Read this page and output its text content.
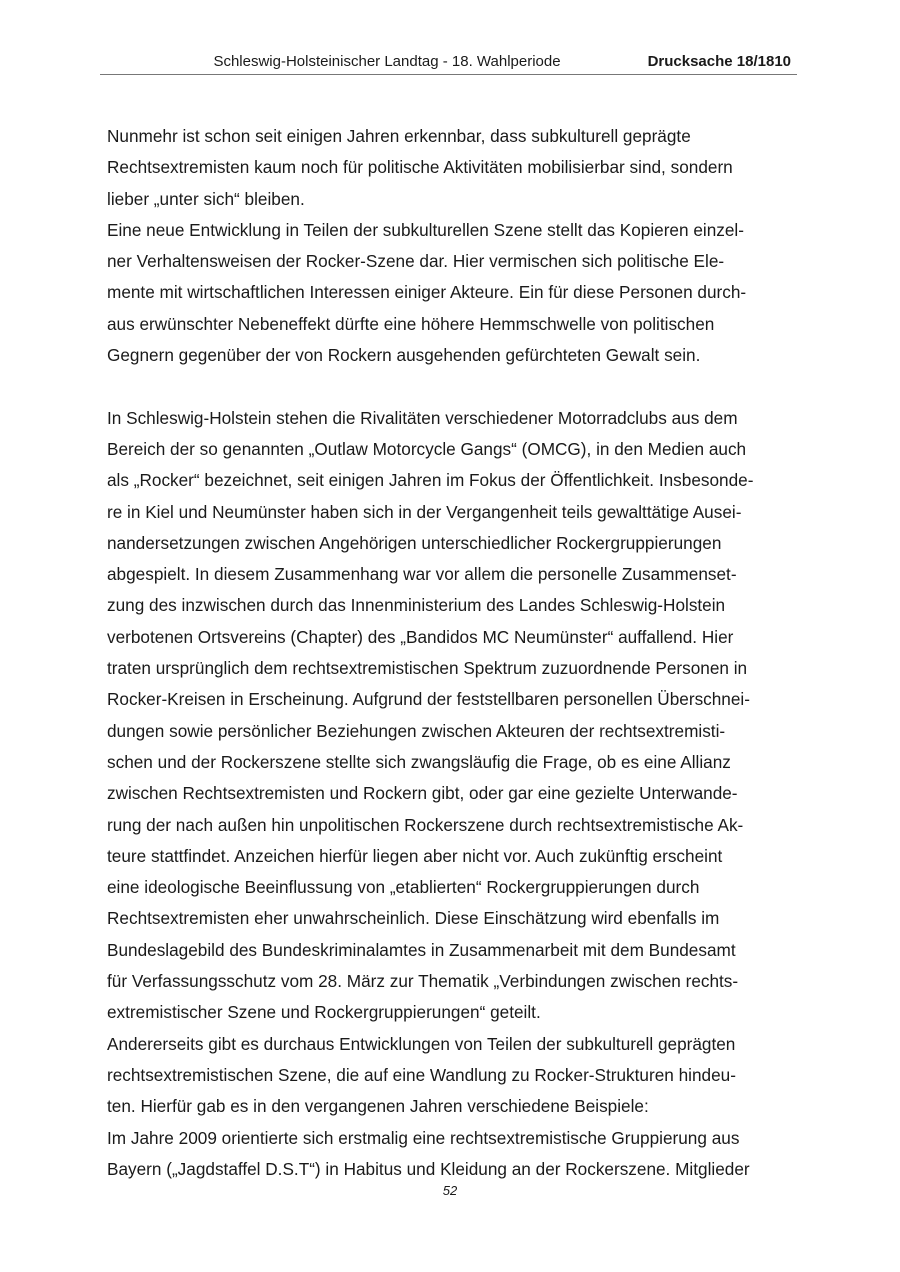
Schleswig-Holsteinischer Landtag - 18. Wahlperiode	Drucksache 18/1810
Nunmehr ist schon seit einigen Jahren erkennbar, dass subkulturell geprägte
Rechtsextremisten kaum noch für politische Aktivitäten mobilisierbar sind, sondern
lieber „unter sich“ bleiben.
Eine neue Entwicklung in Teilen der subkulturellen Szene stellt das Kopieren einzel-
ner Verhaltensweisen der Rocker-Szene dar. Hier vermischen sich politische Ele-
mente mit wirtschaftlichen Interessen einiger Akteure. Ein für diese Personen durch-
aus erwünschter Nebeneffekt dürfte eine höhere Hemmschwelle von politischen
Gegnern gegenüber der von Rockern ausgehenden gefürchteten Gewalt sein.
In Schleswig-Holstein stehen die Rivalitäten verschiedener Motorradclubs aus dem
Bereich der so genannten „Outlaw Motorcycle Gangs“ (OMCG), in den Medien auch
als „Rocker“ bezeichnet, seit einigen Jahren im Fokus der Öffentlichkeit. Insbesonde-
re in Kiel und Neumünster haben sich in der Vergangenheit teils gewalttätige Ausei-
nandersetzungen zwischen Angehörigen unterschiedlicher Rockergruppierungen
abgespielt. In diesem Zusammenhang war vor allem die personelle Zusammenset-
zung des inzwischen durch das Innenministerium des Landes Schleswig-Holstein
verbotenen Ortsvereins (Chapter) des „Bandidos MC Neumünster“ auffallend. Hier
traten ursprünglich dem rechtsextremistischen Spektrum zuzuordnende Personen in
Rocker-Kreisen in Erscheinung. Aufgrund der feststellbaren personellen Überschnei-
dungen sowie persönlicher Beziehungen zwischen Akteuren der rechtsextremisti-
schen und der Rockerszene stellte sich zwangsläufig die Frage, ob es eine Allianz
zwischen Rechtsextremisten und Rockern gibt, oder gar eine gezielte Unterwande-
rung der nach außen hin unpolitischen Rockerszene durch rechtsextremistische Ak-
teure stattfindet. Anzeichen hierfür liegen aber nicht vor. Auch zukünftig erscheint
eine ideologische Beeinflussung von „etablierten“ Rockergruppierungen durch
Rechtsextremisten eher unwahrscheinlich. Diese Einschätzung wird ebenfalls im
Bundeslagebild des Bundeskriminalamtes in Zusammenarbeit mit dem Bundesamt
für Verfassungsschutz vom 28. März zur Thematik „Verbindungen zwischen rechts-
extremistischer Szene und Rockergruppierungen“ geteilt.
Andererseits gibt es durchaus Entwicklungen von Teilen der subkulturell geprägten
rechtsextremistischen Szene, die auf eine Wandlung zu Rocker-Strukturen hindeu-
ten. Hierfür gab es in den vergangenen Jahren verschiedene Beispiele:
Im Jahre 2009 orientierte sich erstmalig eine rechtsextremistische Gruppierung aus
Bayern („Jagdstaffel D.S.T“) in Habitus und Kleidung an der Rockerszene. Mitglieder
52
